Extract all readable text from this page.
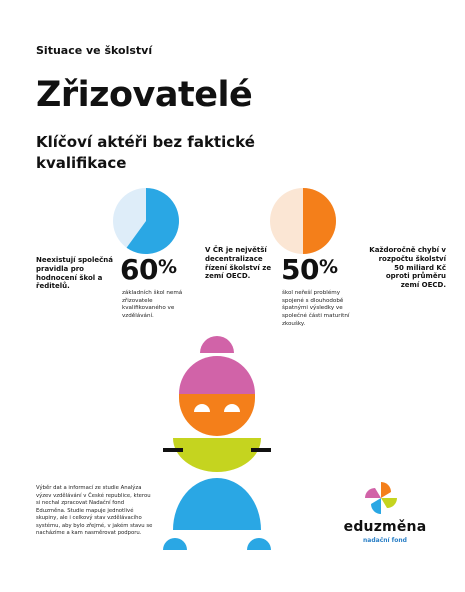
Situace ve školství
Zřizovatelé
Klíčoví aktéři bez faktické kvalifikace
Neexistují společná pravidla pro hodnocení škol a ředitelů.
60%
základních škol nemá zřizovatele kvalifikovaného ve vzdělávání.
V ČR je největší decentralizace řízení školství ze zemí OECD.	50%
škol neřeší problémy spojené s dlouhodobě špatnými výsledky ve společné části maturitní zkoušky.
Každoročně chybí v rozpočtu školství 50 miliard Kč oproti průměru zemí OECD.
Výběr dat a informací ze studie Analýza výzev vzdělávání v České republice, kterou si nechal zpracovat Nadační fond Eduzměna. Studie mapuje jednotlivé skupiny, ale i celkový stav vzdělávacího systému, aby bylo zřejmé, v jakém stavu se nacházíme a kam nasměrovat podporu.	eduzměna
nadační fond
